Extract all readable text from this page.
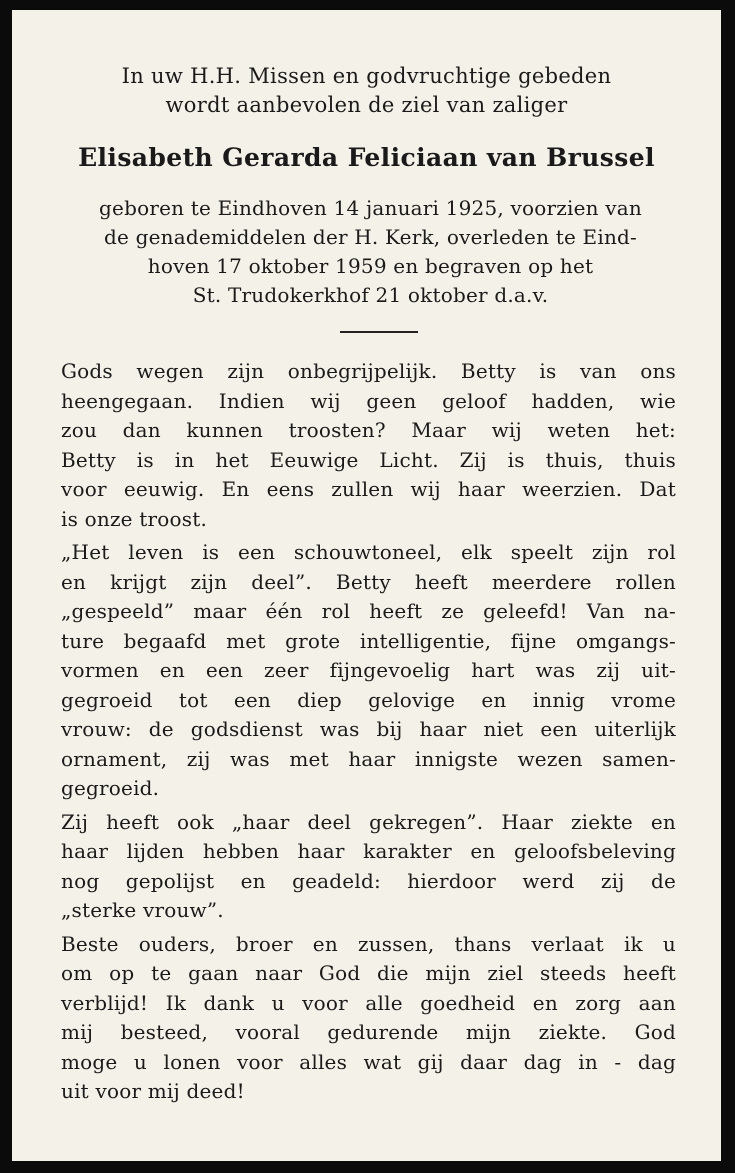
In uw H.H. Missen en godvruchtige gebeden
wordt aanbevolen de ziel van zaliger
Elisabeth Gerarda Feliciaan van Brussel
geboren te Eindhoven 14 januari 1925, voorzien van
de genademiddelen der H. Kerk, overleden te Eind-
hoven 17 oktober 1959 en begraven op het
St. Trudokerkhof 21 oktober d.a.v.

Gods wegen zijn onbegrijpelijk. Betty is van ons
heengegaan. Indien wij geen geloof hadden, wie
zou dan kunnen troosten? Maar wij weten het:
Betty is in het Eeuwige Licht. Zij is thuis, thuis
voor eeuwig. En eens zullen wij haar weerzien. Dat
is onze troost.

„Het leven is een schouwtoneel, elk speelt zijn rol
en krijgt zijn deel”. Betty heeft meerdere rollen
„gespeeld” maar één rol heeft ze geleefd! Van na-
ture begaafd met grote intelligentie, fijne omgangs-
vormen en een zeer fijngevoelig hart was zij uit-
gegroeid tot een diep gelovige en innig vrome
vrouw: de godsdienst was bij haar niet een uiterlijk
ornament, zij was met haar innigste wezen samen-
gegroeid.

Zij heeft ook „haar deel gekregen”. Haar ziekte en
haar lijden hebben haar karakter en geloofsbeleving
nog gepolijst en geadeld: hierdoor werd zij de
„sterke vrouw”.

Beste ouders, broer en zussen, thans verlaat ik u
om op te gaan naar God die mijn ziel steeds heeft
verblijd! Ik dank u voor alle goedheid en zorg aan
mij besteed, vooral gedurende mijn ziekte. God
moge u lonen voor alles wat gij daar dag in - dag
uit voor mij deed!
